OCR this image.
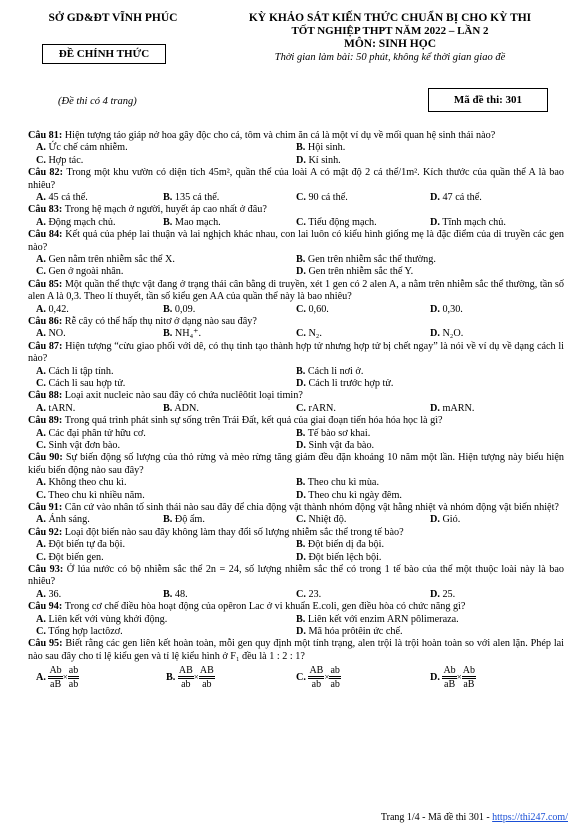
SỞ GD&ĐT VĨNH PHÚC
ĐỀ CHÍNH THỨC
KỲ KHẢO SÁT KIẾN THỨC CHUẨN BỊ CHO KỲ THI
TỐT NGHIỆP THPT NĂM 2022 – LẦN 2
MÔN: SINH HỌC
Thời gian làm bài: 50 phút, không kể thời gian giao đề
(Đề thi có 4 trang)	Mã đề thi: 301
Câu 81: Hiện tượng tảo giáp nở hoa gây độc cho cá, tôm và chim ăn cá là một ví dụ về mối quan hệ sinh thái nào?
A. Ức chế cảm nhiễm.	B. Hội sinh.
C. Hợp tác.	D. Kí sinh.
Câu 82: Trong một khu vườn có diện tích 45m², quần thể của loài A có mật độ 2 cá thể/1m². Kích thước của quần thể A là bao nhiêu?
A. 45 cá thể.	B. 135 cá thể.	C. 90 cá thể.	D. 47 cá thể.
Câu 83: Trong hệ mạch ở người, huyết áp cao nhất ở đâu?
A. Động mạch chủ.	B. Mao mạch.	C. Tiểu động mạch.	D. Tĩnh mạch chủ.
Câu 84: Kết quả của phép lai thuận và lai nghịch khác nhau, con lai luôn có kiểu hình giống mẹ là đặc điểm của di truyền các gen nào?
A. Gen nằm trên nhiễm sắc thể X.	B. Gen trên nhiễm sắc thể thường.
C. Gen ở ngoài nhân.	D. Gen trên nhiễm sắc thể Y.
Câu 85: Một quần thể thực vật đang ở trạng thái cân bằng di truyền, xét 1 gen có 2 alen A, a nằm trên nhiễm sắc thể thường, tần số alen A là 0,3. Theo lí thuyết, tần số kiểu gen AA của quần thể này là bao nhiêu?
A. 0,42.	B. 0,09.	C. 0,60.	D. 0,30.
Câu 86: Rễ cây có thể hấp thụ nitơ ở dạng nào sau đây?
A. NO.	B. NH₄⁺.	C. N₂.	D. N₂O.
Câu 87: Hiện tượng “cừu giao phối với dê, có thụ tinh tạo thành hợp tử nhưng hợp tử bị chết ngay” là nói về ví dụ về dạng cách li nào?
A. Cách li tập tính.	B. Cách li nơi ở.
C. Cách li sau hợp tử.	D. Cách li trước hợp tử.
Câu 88: Loại axit nucleic nào sau đây có chứa nuclêôtit loại timin?
A. tARN.	B. ADN.	C. rARN.	D. mARN.
Câu 89: Trong quá trình phát sinh sự sống trên Trái Đất, kết quả của giai đoạn tiến hóa hóa học là gì?
A. Các đại phân tử hữu cơ.	B. Tế bào sơ khai.
C. Sinh vật đơn bào.	D. Sinh vật đa bào.
Câu 90: Sự biến động số lượng của thỏ rừng và mèo rừng tăng giảm đều đặn khoảng 10 năm một lần. Hiện tượng này biểu hiện kiểu biến động nào sau đây?
A. Không theo chu kì.	B. Theo chu kì mùa.
C. Theo chu kì nhiều năm.	D. Theo chu kì ngày đêm.
Câu 91: Căn cứ vào nhân tố sinh thái nào sau đây để chia động vật thành nhóm động vật hằng nhiệt và nhóm động vật biến nhiệt?
A. Ánh sáng.	B. Độ ẩm.	C. Nhiệt độ.	D. Gió.
Câu 92: Loại đột biến nào sau đây không làm thay đổi số lượng nhiễm sắc thể trong tế bào?
A. Đột biến tự đa bội.	B. Đột biến dị đa bội.
C. Đột biến gen.	D. Đột biến lệch bội.
Câu 93: Ở lúa nước có bộ nhiễm sắc thể 2n = 24, số lượng nhiễm sắc thể có trong 1 tế bào của thể một thuộc loài này là bao nhiêu?
A. 36.	B. 48.	C. 23.	D. 25.
Câu 94: Trong cơ chế điều hòa hoạt động của opêron Lac ở vi khuẩn E.coli, gen điều hòa có chức năng gì?
A. Liên kết với vùng khởi động.	B. Liên kết với enzim ARN pôlimeraza.
C. Tổng hợp lactôzơ.	D. Mã hóa prôtêin ức chế.
Câu 95: Biết rằng các gen liên kết hoàn toàn, mỗi gen quy định một tính trạng, alen trội là trội hoàn toàn so với alen lặn. Phép lai nào sau đây cho tỉ lệ kiểu gen và tỉ lệ kiểu hình ở F₁ đều là 1 : 2 : 1?
A. $\frac{Ab}{aB} \times \frac{ab}{ab}$	B. $\frac{AB}{ab} \times \frac{AB}{ab}$	C. $\frac{AB}{ab} \times \frac{ab}{ab}$	D. $\frac{Ab}{aB} \times \frac{Ab}{aB}$
Trang 1/4 - Mã đề thi 301 - https://thi247.com/
